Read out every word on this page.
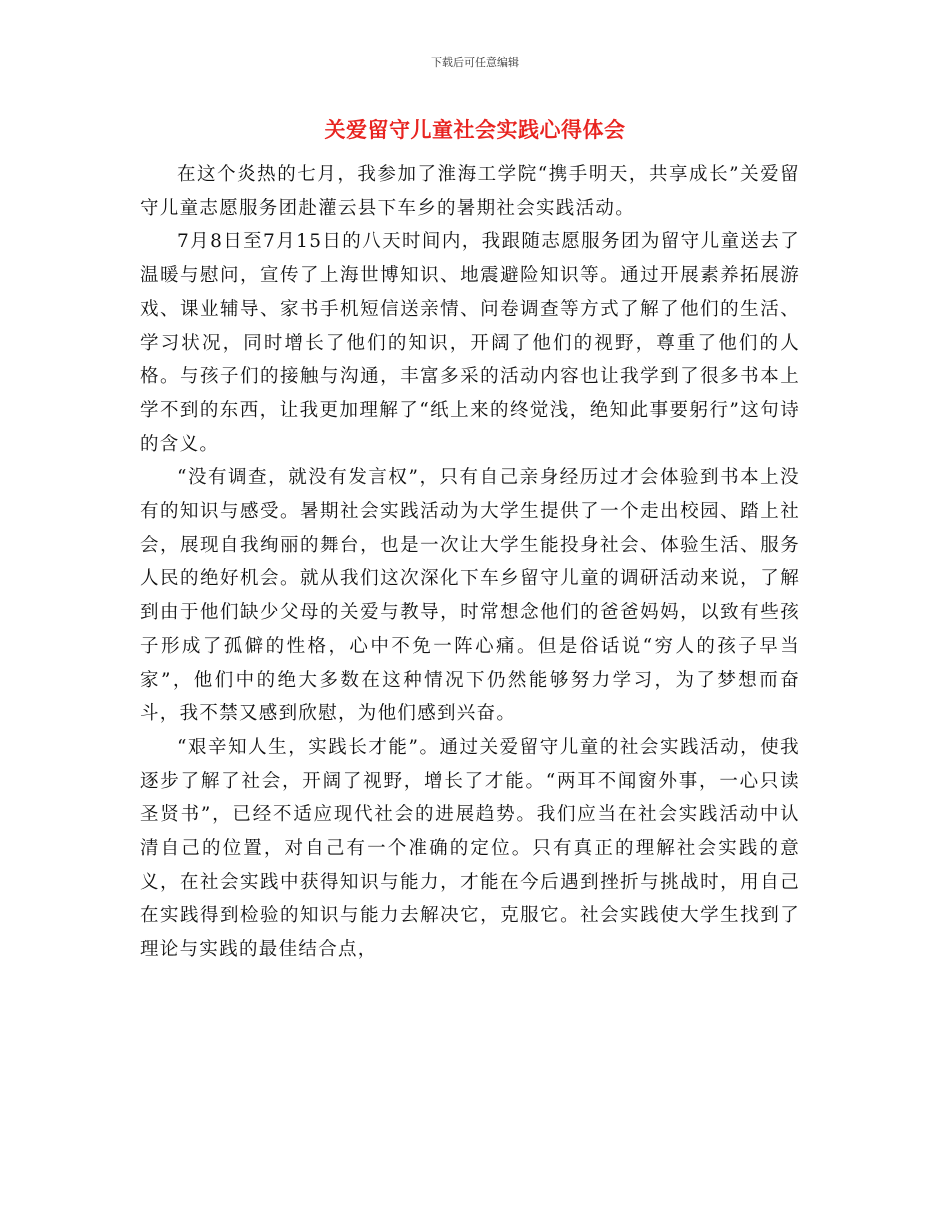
下载后可任意编辑
关爱留守儿童社会实践心得体会

在这个炎热的七月，我参加了淮海工学院“携手明天，共享成长”关爱留守儿童志愿服务团赴灌云县下车乡的暑期社会实践活动。

7月8日至7月15日的八天时间内，我跟随志愿服务团为留守儿童送去了温暖与慰问，宣传了上海世博知识、地震避险知识等。通过开展素养拓展游戏、课业辅导、家书手机短信送亲情、问卷调查等方式了解了他们的生活、学习状况，同时增长了他们的知识，开阔了他们的视野，尊重了他们的人格。与孩子们的接触与沟通，丰富多采的活动内容也让我学到了很多书本上学不到的东西，让我更加理解了“纸上来的终觉浅，绝知此事要躬行”这句诗的含义。

“没有调查，就没有发言权”，只有自己亲身经历过才会体验到书本上没有的知识与感受。暑期社会实践活动为大学生提供了一个走出校园、踏上社会，展现自我绚丽的舞台，也是一次让大学生能投身社会、体验生活、服务人民的绝好机会。就从我们这次深化下车乡留守儿童的调研活动来说，了解到由于他们缺少父母的关爱与教导，时常想念他们的爸爸妈妈，以致有些孩子形成了孤僻的性格，心中不免一阵心痛。但是俗话说“穷人的孩子早当家”，他们中的绝大多数在这种情况下仍然能够努力学习，为了梦想而奋斗，我不禁又感到欣慰，为他们感到兴奋。

“艰辛知人生，实践长才能”。通过关爱留守儿童的社会实践活动，使我逐步了解了社会，开阔了视野，增长了才能。“两耳不闻窗外事，一心只读圣贤书”，已经不适应现代社会的进展趋势。我们应当在社会实践活动中认清自己的位置，对自己有一个准确的定位。只有真正的理解社会实践的意义，在社会实践中获得知识与能力，才能在今后遇到挫折与挑战时，用自己在实践得到检验的知识与能力去解决它，克服它。社会实践使大学生找到了理论与实践的最佳结合点，
